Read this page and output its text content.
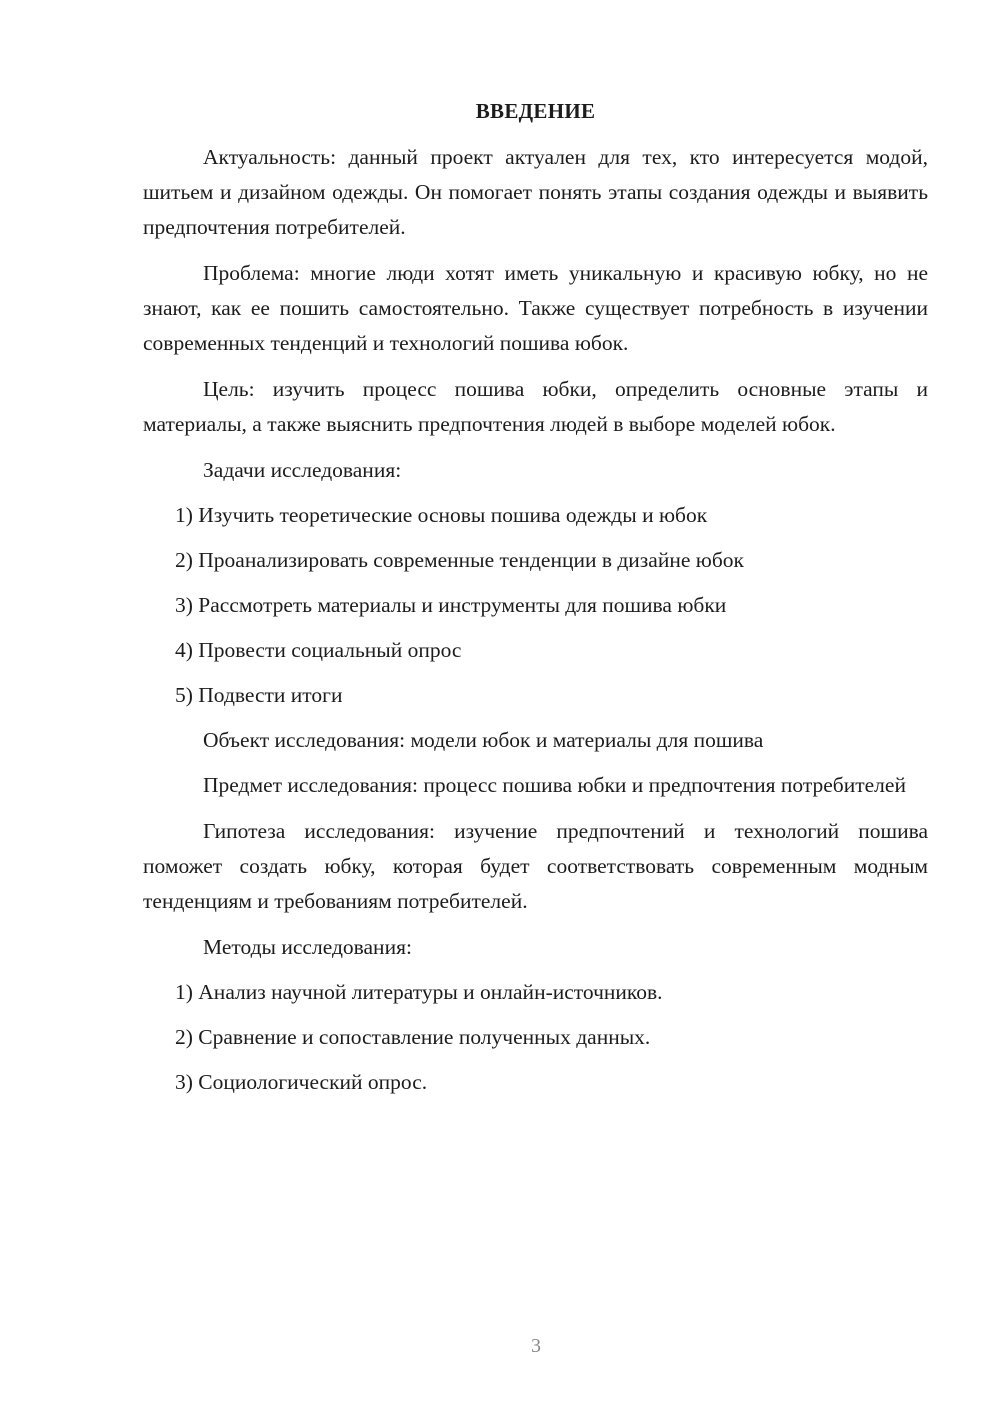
ВВЕДЕНИЕ

Актуальность: данный проект актуален для тех, кто интересуется модой, шитьем и дизайном одежды. Он помогает понять этапы создания одежды и выявить предпочтения потребителей.

Проблема: многие люди хотят иметь уникальную и красивую юбку, но не знают, как ее пошить самостоятельно. Также существует потребность в изучении современных тенденций и технологий пошива юбок.

Цель: изучить процесс пошива юбки, определить основные этапы и материалы, а также выяснить предпочтения людей в выборе моделей юбок.

Задачи исследования:

1) Изучить теоретические основы пошива одежды и юбок
2) Проанализировать современные тенденции в дизайне юбок
3) Рассмотреть материалы и инструменты для пошива юбки
4) Провести социальный опрос
5) Подвести итоги

Объект исследования: модели юбок и материалы для пошива

Предмет исследования: процесс пошива юбки и предпочтения потребителей

Гипотеза исследования: изучение предпочтений и технологий пошива поможет создать юбку, которая будет соответствовать современным модным тенденциям и требованиям потребителей.

Методы исследования:

1) Анализ научной литературы и онлайн-источников.
2) Сравнение и сопоставление полученных данных.
3) Социологический опрос.
3
